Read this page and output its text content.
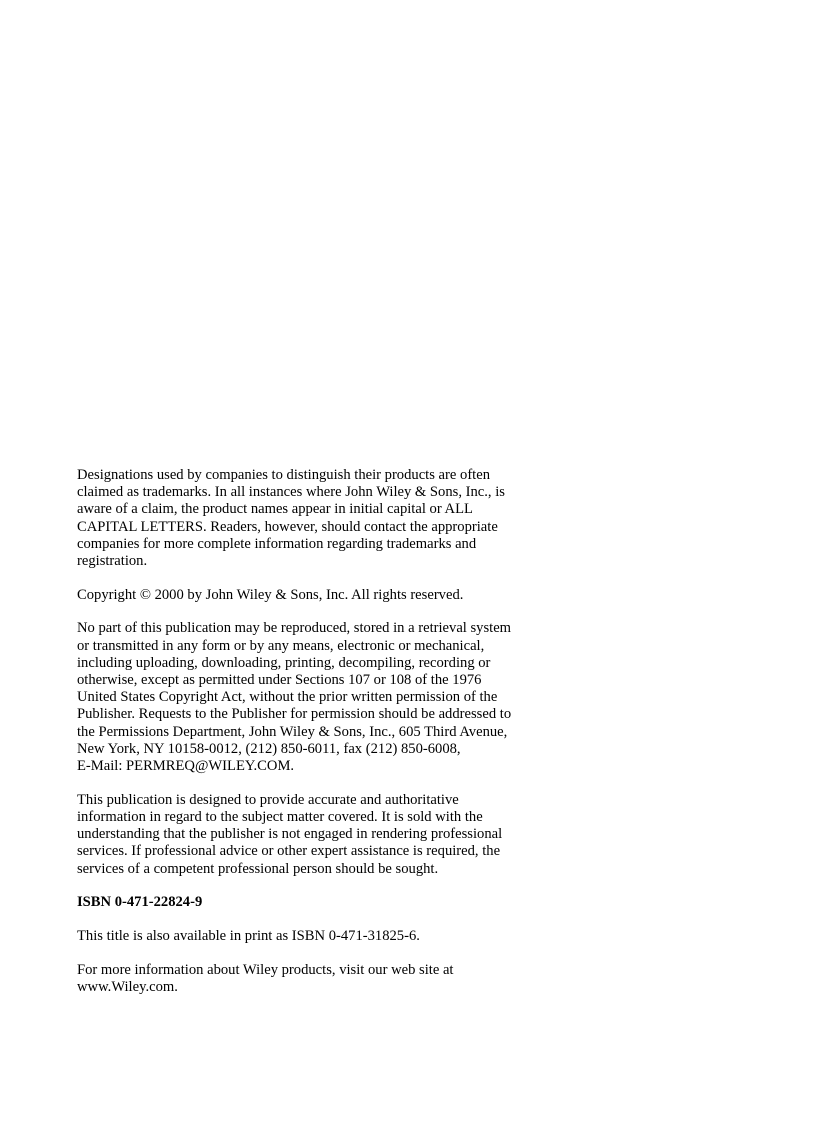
Designations used by companies to distinguish their products are often
claimed as trademarks. In all instances where John Wiley & Sons, Inc., is
aware of a claim, the product names appear in initial capital or ALL
CAPITAL LETTERS. Readers, however, should contact the appropriate
companies for more complete information regarding trademarks and
registration.

Copyright © 2000 by John Wiley & Sons, Inc. All rights reserved.

No part of this publication may be reproduced, stored in a retrieval system
or transmitted in any form or by any means, electronic or mechanical,
including uploading, downloading, printing, decompiling, recording or
otherwise, except as permitted under Sections 107 or 108 of the 1976
United States Copyright Act, without the prior written permission of the
Publisher. Requests to the Publisher for permission should be addressed to
the Permissions Department, John Wiley & Sons, Inc., 605 Third Avenue,
New York, NY 10158-0012, (212) 850-6011, fax (212) 850-6008,
E-Mail: PERMREQ@WILEY.COM.

This publication is designed to provide accurate and authoritative
information in regard to the subject matter covered. It is sold with the
understanding that the publisher is not engaged in rendering professional
services. If professional advice or other expert assistance is required, the
services of a competent professional person should be sought.

ISBN 0-471-22824-9

This title is also available in print as ISBN 0-471-31825-6.

For more information about Wiley products, visit our web site at
www.Wiley.com.
